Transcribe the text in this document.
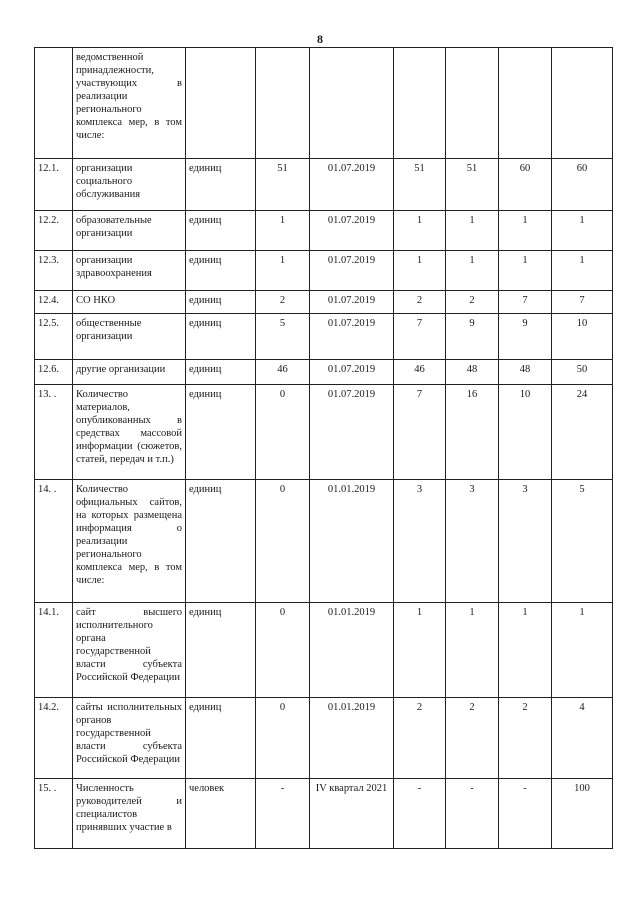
8
	ведомственной принадлежности, участвующих в реализации регионального комплекса мер, в том числе:							
12.1.	организации социального обслуживания	единиц	51	01.07.2019	51	51	60	60
12.2.	образовательные организации	единиц	1	01.07.2019	1	1	1	1
12.3.	организации здравоохранения	единиц	1	01.07.2019	1	1	1	1
12.4.	СО НКО	единиц	2	01.07.2019	2	2	7	7
12.5.	общественные организации	единиц	5	01.07.2019	7	9	9	10
12.6.	другие организации	единиц	46	01.07.2019	46	48	48	50
13. .	Количество материалов, опубликованных в средствах массовой информации (сюжетов, статей, передач и т.п.)	единиц	0	01.07.2019	7	16	10	24
14. .	Количество официальных сайтов, на которых размещена информация о реализации регионального комплекса мер, в том числе:	единиц	0	01.01.2019	3	3	3	5
14.1.	сайт высшего исполнительного органа государственной власти субъекта Российской Федерации	единиц	0	01.01.2019	1	1	1	1
14.2.	сайты исполнительных органов государственной власти субъекта Российской Федерации	единиц	0	01.01.2019	2	2	2	4
15. .	Численность руководителей и специалистов принявших участие в	человек	-	IV квартал 2021	-	-	-	100
